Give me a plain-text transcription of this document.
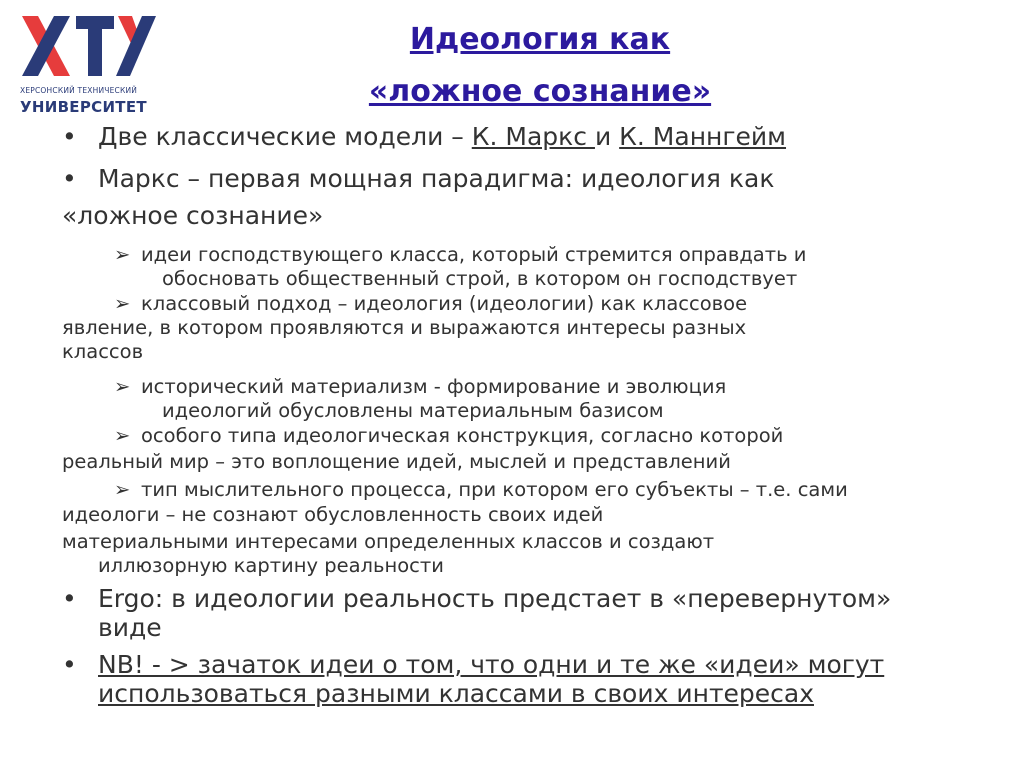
ХЕРСОНСКИЙ ТЕХНИЧЕСКИЙ
УНИВЕРСИТЕТ
Идеология как
«ложное сознание»
• Две классические модели – К. Маркс и К. Маннгейм
• Маркс – первая мощная парадигма: идеология как
«ложное сознание»
➢ идеи господствующего класса, который стремится оправдать и
обосновать общественный строй, в котором он господствует
➢ классовый подход – идеология (идеологии) как классовое
явление, в котором проявляются и выражаются интересы разных
классов
➢ исторический материализм - формирование и эволюция
идеологий обусловлены материальным базисом
➢ особого типа идеологическая конструкция, согласно которой
реальный мир – это воплощение идей, мыслей и представлений
➢ тип мыслительного процесса, при котором его субъекты – т.е. сами
идеологи – не сознают обусловленность своих идей
материальными интересами определенных классов и создают
иллюзорную картину реальности
• Ergo: в идеологии реальность предстает в «перевернутом»
виде
• NB! - > зачаток идеи о том, что одни и те же «идеи» могут
использоваться разными классами в своих интересах
